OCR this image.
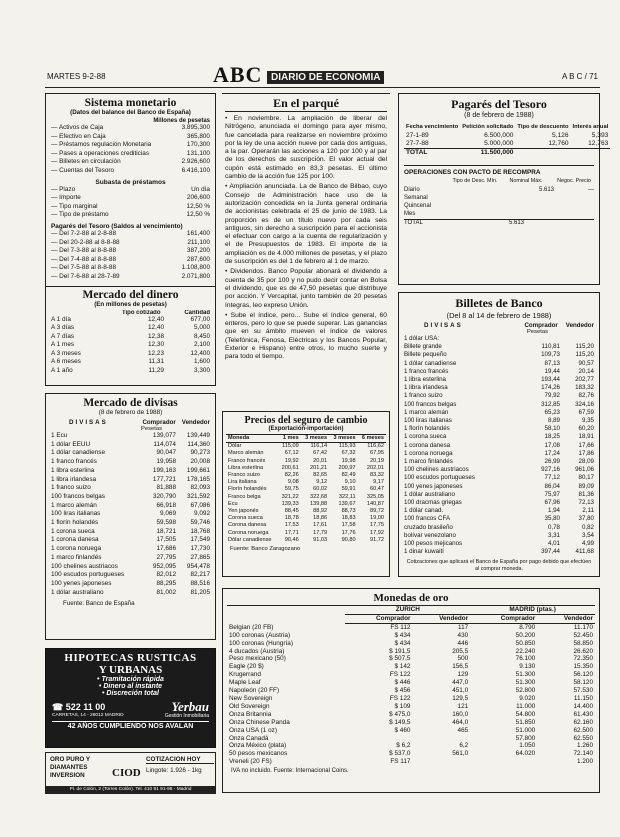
MARTES 9-2-88	ABC DIARIO DE ECONOMIA	A B C / 71
Sistema monetario
(Datos del balance del Banco de España)
Millones de pesetas
— Activos de Caja	3.895,300
— Efectivo en Caja	365,800
— Préstamos regulación Monetaria	170,300
— Pases a operaciones crediticias	131,100
— Billetes en circulación	2.926,600
— Cuentas del Tesoro	6.416,100
Subasta de préstamos
— Plazo	Un día
— Importe	206,600
— Tipo marginal	12,50 %
— Tipo de préstamo	12,50 %
Pagarés del Tesoro (Saldos al vencimiento)
— Del 7-2-88 al 2-8-88	161,400
— Del 20-2-88 al 8-8-88	211,100
— Del 7-3-88 al 8-8-88	387,200
— Del 7-4-88 al 8-8-88	287,600
— Del 7-5-88 al 8-8-88	1.108,800
— Del 7-6-88 al 28-7-89	2.071,800
Mercado del dinero
(En millones de pesetas)
Tipo cotizado	Cantidad
A 1 día	12,40	677,00
A 3 días	12,40	5,000
A 7 días	12,38	8,450
A 1 mes	12,30	2,100
A 3 meses	12,23	12,400
A 6 meses	11,31	1,600
A 1 año	11,29	3,300
Mercado de divisas
(8 de febrero de 1988)
DIVISAS	Comprador Vendedor
Pesetas
1 Ecu	139,077	139,449
1 dólar EEUU	114,074	114,360
1 dólar canadiense	90,047	90,273
1 franco francés	19,958	20,008
1 libra esterlina	199,163	199,661
1 libra irlandesa	177,721	178,165
1 franco suizo	81,888	82,093
100 francos belgas	320,790	321,592
1 marco alemán	66,918	67,086
100 liras italianas	9,069	9,092
1 florín holandés	59,598	59,746
1 corona sueca	18,721	18,768
1 corona danesa	17,505	17,549
1 corona noruega	17,686	17,730
1 marco finlandés	27,795	27,865
100 chelines austriacos	952,095	954,478
100 escudos portugueses	82,012	82,217
100 yenes japoneses	88,295	88,516
1 dólar australiano	81,002	81,205
Fuente: Banco de España
HIPOTECAS RUSTICAS
Y URBANAS
• Tramitación rápida
• Dinero al instante
• Discreción total
☎ 522 11 00
CARRETAS, 14 - 28012 MADRID
Yerbau
Gestión Inmobiliaria
42 AÑOS CUMPLIENDO NOS AVALAN
ORO PURO Y DIAMANTES
INVERSION	CIOD
COTIZACION HOY
Lingote: 1.926 - 1kg
Pl. de Colón, 2 (Torres Colón). Tel. 410 81 91-98 - Madrid
En el parqué

• En noviembre. La ampliación de liberar del Nitrógeno, anunciada el domingo para ayer mismo, fue cancelada para realizarse en noviembre próximo por la ley de una acción nueve por cada dos antiguas, a la par. Operarán las acciones a 120 por 100 y al par de los derechos de suscripción. El valor actual del cupón está estimado en 83,3 pesetas. El último cambio de la acción fue 125 por 100.

• Ampliación anunciada. La de Banco de Bilbao, cuyo Consejo de Administración hace uso de la autorización concedida en la Junta general ordinaria de accionistas celebrada el 25 de junio de 1983. La proporción es de un título nuevo por cada seis antiguos, sin derecho a suscripción para el accionista el efectuar con cargo a la cuenta de regularización y el de Presupuestos de 1983. El importe de la ampliación es de 4.000 millones de pesetas, y el plazo de suscripción es del 1 de febrero al 1 de marzo.

• Dividendos. Banco Popular abonará el dividendo a cuenta de 35 por 100 y no pudo decir contar en Bolsa el dividendo, que es de 47,50 pesetas que distribuye por acción. Y Vercapital, junto también de 20 pesetas íntegras, leo expreso Unión.

• Sube el índice, pero... Sube el índice general, 60 enteros, pero lo que se puede superar. Las ganancias que en su ámbito mueven el índice de valores (Telefónica, Fenosa, Eléctricas y los Bancos Popular, Exterior e Hispano) entre otros, lo mucho suerte y para todo el tiempo.

Precios del seguro de cambio
(Exportación-importación)
Moneda	1 mes	3 meses	3 meses	6 meses
Dólar	115,09	116,14	115,93	116,62
Marco alemán	67,12	67,42	67,32	67,95
Franco francés	19,92	20,01	19,98	20,19
Libra esterlina	200,61	201,21	200,97	202,01
Franco suizo	82,26	82,65	82,49	83,32
Lira italiana	9,08	9,12	9,10	9,17
Florín holandés	59,75	60,02	59,91	60,47
Franco belga	321,22	322,68	322,11	325,05
Ecu	139,33	139,88	139,67	140,87
Yen japonés	88,45	88,92	88,73	89,72
Corona sueca	18,78	18,86	18,83	19,00
Corona danesa	17,53	17,61	17,58	17,75
Corona noruega	17,71	17,79	17,76	17,92
Dólar canadiense	90,46	91,03	90,80	91,72
Fuente: Banco Zaragozano
Pagarés del Tesoro
(8 de febrero de 1988)
Fecha vencimiento	Petición solicitado	Tipo de descuento	Interés anual
27-1-89	6.500,000	5,126	5,393
27-7-88	5.000,000	12,760	12,763
TOTAL	11.500,000		
OPERACIONES CON PACTO DE RECOMPRA
Tipo de Desc. Mín.	Nominal Máx.	Negoc. Precio
Diario	5.613	—
Semanal
Quincenal
Mes
TOTAL	5.613
Billetes de Banco
(Del 8 al 14 de febrero de 1988)
DIVISAS	Comprador Vendedor
Pesetas
1 dólar USA:
Billete grande	110,81	115,20
Billete pequeño	109,73	115,20
1 dólar canadiense	87,13	90,57
1 franco francés	19,44	20,14
1 libra esterlina	193,44	202,77
1 libra irlandesa	174,26	183,32
1 franco suizo	79,92	82,76
100 francos belgas	312,85	324,16
1 marco alemán	65,23	67,59
100 liras italianas	8,89	9,35
1 florín holandés	58,10	60,20
1 corona sueca	18,25	18,91
1 corona danesa	17,08	17,66
1 corona noruega	17,24	17,86
1 marco finlandés	26,99	28,09
100 chelines austriacos	927,16	961,06
100 escudos portugueses	77,12	80,17
100 yenes japoneses	86,04	89,09
1 dólar australiano	75,97	81,36
100 dracmas griegas	67,96	72,13
1 dólar canad.	1,94	2,11
100 francos CFA	35,80	37,80
cruzado brasileño	0,78	0,82
bolívar venezolano	3,31	3,54
100 pesos mejicanos	4,01	4,99
1 dinar kuwaití	397,44	411,68
Cotizaciones que aplicará el Banco de España por pago debido que efectúen al comprar moneda.
Monedas de oro
	ZURICH		MADRID (ptas.)	
	Comprador	Vendedor	Comprador	Vendedor
Belgian (20 FB)	FS 112	117	8.790	11.170
100 coronas (Austria)	$ 434	430	50.200	52.450
100 coronas (Hungría)	$ 434	446	50.850	58.850
4 ducados (Austria)	$ 191,5	205,5	22.240	26.620
Peso mexicano (50)	$ 507,5	500	76.100	72.350
Eagle (20 $)	$ 142	156,5	9.130	15.350
Krugerrand	FS 122	129	51.300	56.120
Maple Leaf	$ 446	447,0	51.300	58.120
Napoleón (20 FF)	$ 456	451,0	52.800	57.530
New Sovereign	FS 122	129,5	9.020	11.150
Old Sovereign	$ 109	121	11.000	14.400
Onza Britannia	$ 475,0	160,0	54.800	61.430
Onza Chinese Panda	$ 149,5	464,0	51.850	62.160
Onza USA (1 oz)	$ 460	465	51.000	62.500
Onza Canadá			57.800	62.550
Onza México (plata)	$ 6,2	6,2	1.050	1.260
50 pesos mexicanos	$ 537,0	561,0	64.020	72.140
Vreneli (20 FS)	FS 117			1.200
IVA no incluido. Fuente: Internacional Coins.
